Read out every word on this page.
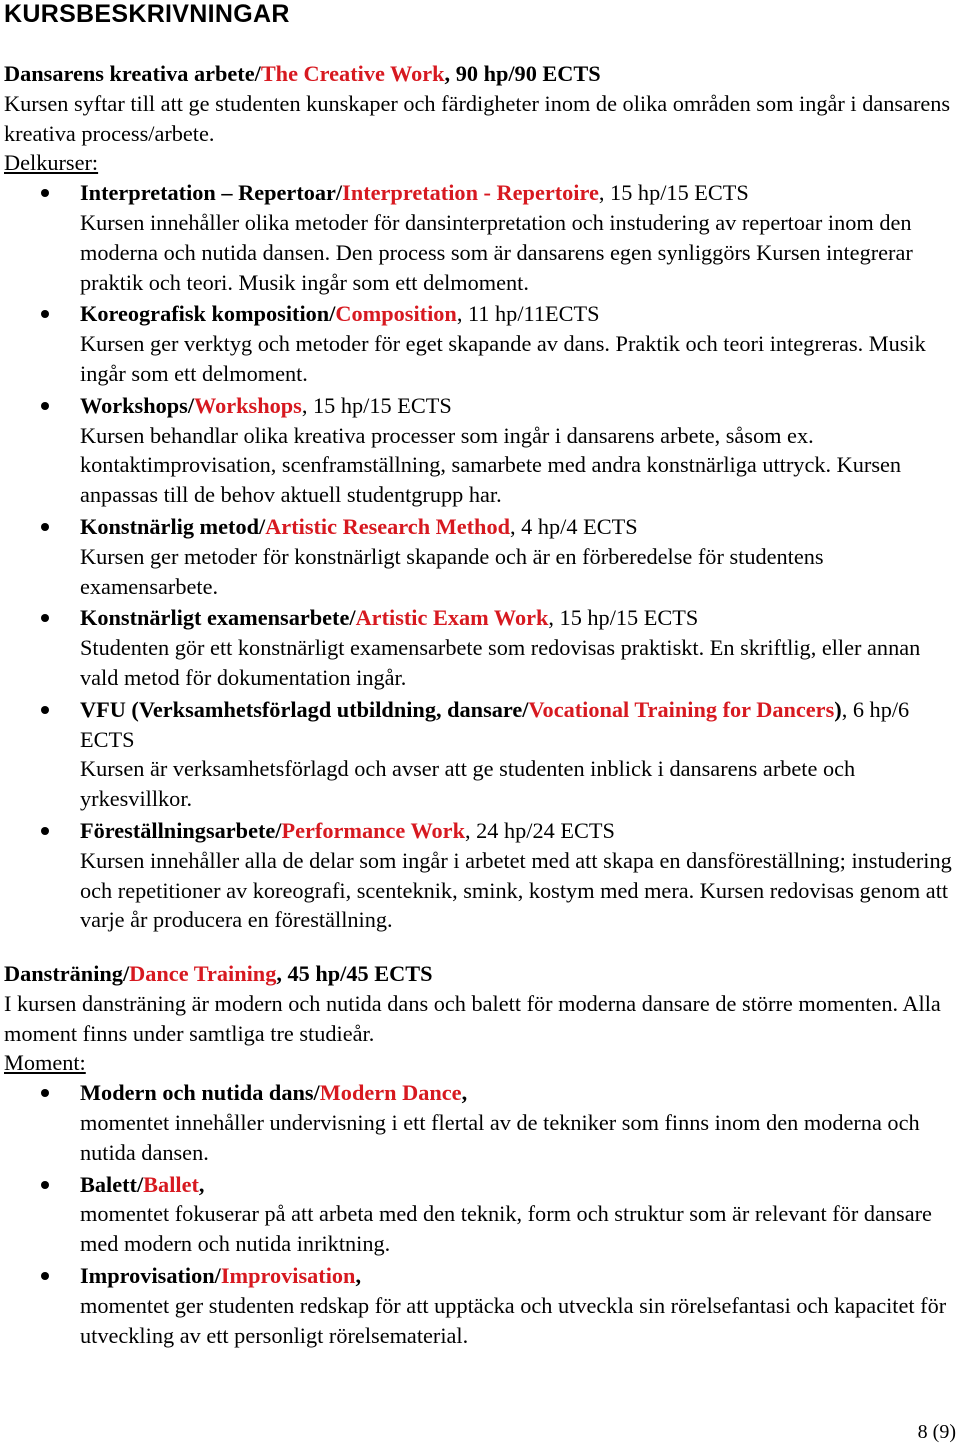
KURSBESKRIVNINGAR

Dansarens kreativa arbete/The Creative Work, 90 hp/90 ECTS

Kursen syftar till att ge studenten kunskaper och färdigheter inom de olika områden som ingår i dansarens kreativa process/arbete.

Delkurser:

Interpretation – Repertoar/Interpretation - Repertoire, 15 hp/15 ECTS

Kursen innehåller olika metoder för dansinterpretation och instudering av repertoar inom den moderna och nutida dansen. Den process som är dansarens egen synliggörs Kursen integrerar praktik och teori. Musik ingår som ett delmoment.

Koreografisk komposition/Composition, 11 hp/11ECTS

Kursen ger verktyg och metoder för eget skapande av dans. Praktik och teori integreras. Musik ingår som ett delmoment.

Workshops/Workshops, 15 hp/15 ECTS

Kursen behandlar olika kreativa processer som ingår i dansarens arbete, såsom ex. kontaktimprovisation, scenframställning, samarbete med andra konstnärliga uttryck. Kursen anpassas till de behov aktuell studentgrupp har.

Konstnärlig metod/Artistic Research Method, 4 hp/4 ECTS

Kursen ger metoder för konstnärligt skapande och är en förberedelse för studentens examensarbete.

Konstnärligt examensarbete/Artistic Exam Work, 15 hp/15 ECTS

Studenten gör ett konstnärligt examensarbete som redovisas praktiskt. En skriftlig, eller annan vald metod för dokumentation ingår.

VFU (Verksamhetsförlagd utbildning, dansare/Vocational Training for Dancers), 6 hp/6 ECTS

Kursen är verksamhetsförlagd och avser att ge studenten inblick i dansarens arbete och yrkesvillkor.

Föreställningsarbete/Performance Work, 24 hp/24 ECTS

Kursen innehåller alla de delar som ingår i arbetet med att skapa en dansföreställning; instudering och repetitioner av koreografi, scenteknik, smink, kostym med mera. Kursen redovisas genom att varje år producera en föreställning.

Dansträning/Dance Training, 45 hp/45 ECTS

I kursen dansträning är modern och nutida dans och balett för moderna dansare de större momenten. Alla moment finns under samtliga tre studieår.

Moment:

Modern och nutida dans/Modern Dance,

momentet innehåller undervisning i ett flertal av de tekniker som finns inom den moderna och nutida dansen.

Balett/Ballet,

momentet fokuserar på att arbeta med den teknik, form och struktur som är relevant för dansare med modern och nutida inriktning.

Improvisation/Improvisation,

momentet ger studenten redskap för att upptäcka och utveckla sin rörelsefantasi och kapacitet för utveckling av ett personligt rörelsematerial.

8 (9)
